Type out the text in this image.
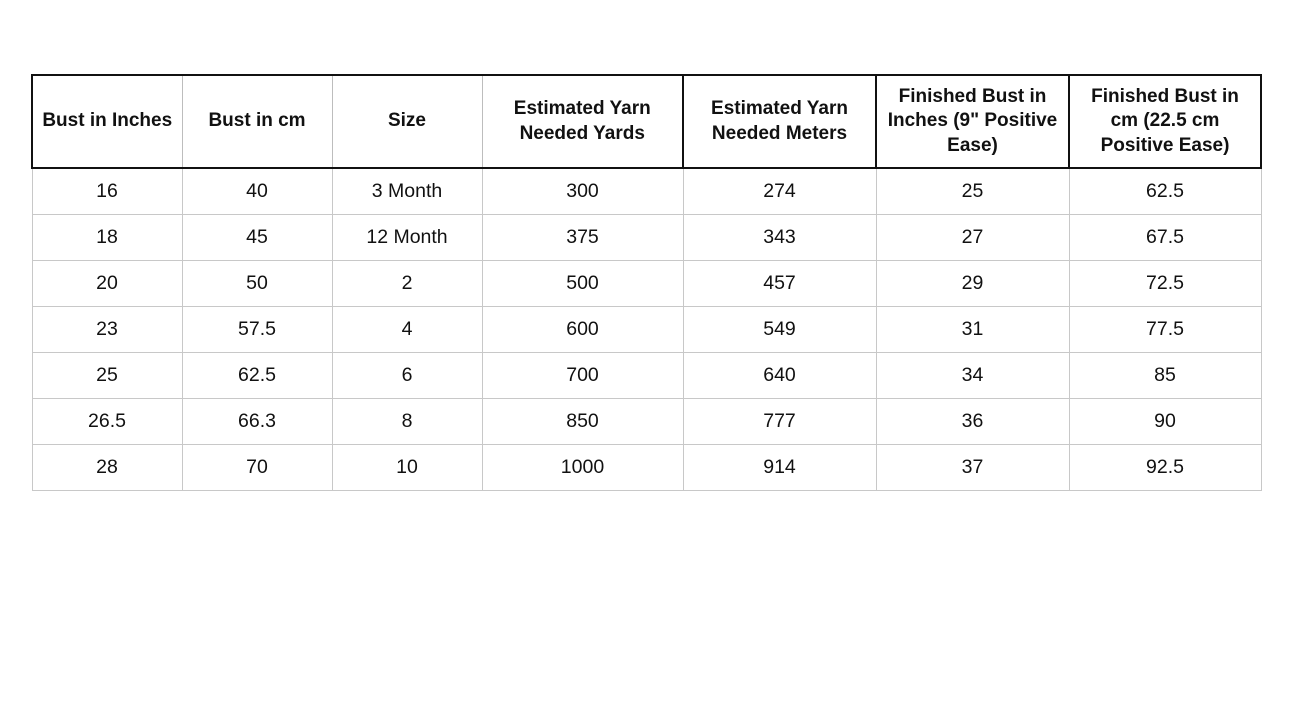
Bust in Inches	Bust in cm	Size	Estimated Yarn Needed Yards	Estimated Yarn Needed Meters	Finished Bust in Inches (9" Positive Ease)	Finished Bust in cm (22.5 cm Positive Ease)
16	40	3 Month	300	274	25	62.5
18	45	12 Month	375	343	27	67.5
20	50	2	500	457	29	72.5
23	57.5	4	600	549	31	77.5
25	62.5	6	700	640	34	85
26.5	66.3	8	850	777	36	90
28	70	10	1000	914	37	92.5
